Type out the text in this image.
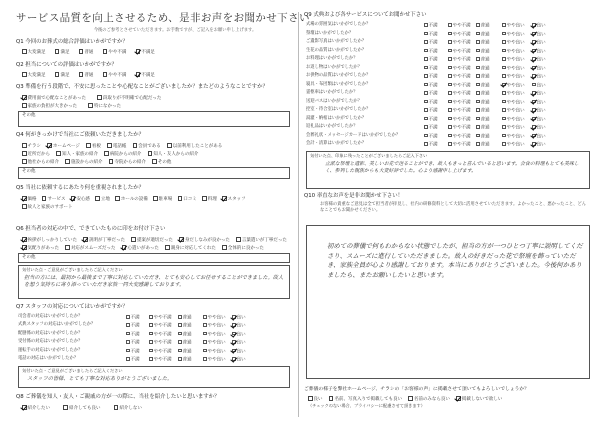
サービス品質を向上させるため、是非お声をお聞かせ下さい
今後のご参考とさせていただきます。お手数ですが、ご記入をお願い申し上げます。
Q1 今回のお葬式の総合評価はいかがですか？
大変満足	満足	普通	やや不満	不満足
Q2 担当についての評価はいかがですか？
大変満足	満足	普通	やや不満	不満足
Q3 準備を行う段階で、不安に思ったことや心配なことがございましたか？またどのようなことですか？
費用面で心配なことがあった	段取りが不明確で心配だった
家族の負担が大きかった	特になかった
その他
Q4 何がきっかけで当社にご依頼いただきましたか？
チラシ	ホームページ	看板	電話帳	会員である	以前利用したことがある
近所だから	知人・家族の紹介	病院からの紹介	知人・友人からの紹介
他社からの紹介	施設からの紹介	寺院からの紹介	その他
その他
Q5 当社に依頼するにあたり何を重視されましたか？
価格 サービス 安心感 立地 ホールの設備 駐車場 口コミ 料理 スタッフ
故人と家族のサポート
Q6 担当者の対応の中で、できていたものに印をお付け下さい
挨拶がしっかりしていた	説明が丁寧だった	提案が適切だった	身だしなみが良かった	言葉遣いが丁寧だった
気配りがあった	対応がスムーズだった	心遣いがあった	親身に対応してくれた	全体的に良かった
その他
気付いた点・ご意見がございましたらご記入ください
担当の方には、最初から最後まで丁寧に対応していただき、とても安心してお任せすることができました。故人を想う気持ちに寄り添っていただき家族一同大変感謝しております。
Q7 スタッフの対応についてはいかがですか？
司会者の対応はいかがでしたか？	不満	やや不満	普通	やや良い	良い
式典スタッフの対応はいかがでしたか？	不満	やや不満	普通	やや良い	良い
配膳係の対応はいかがでしたか？	不満	やや不満	普通	やや良い	良い
受付係の対応はいかがでしたか？	不満	やや不満	普通	やや良い	良い
運転手の対応はいかがでしたか？	不満	やや不満	普通	やや良い	良い
電話の対応はいかがでしたか？	不満	やや不満	普通	やや良い	良い
気付いた点・ご意見がございましたらご記入ください
スタッフの皆様、とても丁寧な対応ありがとうございました。
Q8 ご葬儀を知人・友人・ご親戚の方が一の際に、当社を紹介したいと思いますか？
紹介したい	紹介しても良い	紹介しない
Q9 式典および各サービスについてお聞かせ下さい
式場の雰囲気はいかがでしたか？	不満	やや不満	普通	やや良い	良い
祭壇はいかがでしたか？	不満	やや不満	普通	やや良い	良い
ご遺影写真はいかがでしたか？	不満	やや不満	普通	やや良い	良い
生花の品質はいかがでしたか？	不満	やや不満	普通	やや良い	良い
お料理はいかがでしたか？	不満	やや不満	普通	やや良い	良い
お返し物はいかがでしたか？	不満	やや不満	普通	やや良い	良い
お供物の品質はいかがでしたか？	不満	やや不満	普通	やや良い	良い
寝具・布団類はいかがでしたか？	不満	やや不満	普通	やや良い	良い
霊柩車はいかがでしたか？	不満	やや不満	普通	やや良い	良い
送迎バスはいかがでしたか？	不満	やや不満	普通	やや良い	良い
控室・待合室はいかがでしたか？	不満	やや不満	普通	やや良い	良い
湯灌・納棺はいかがでしたか？	不満	やや不満	普通	やや良い	良い
返礼品はいかがでしたか？	不満	やや不満	普通	やや良い	良い
会葬礼状・メッセージカードはいかがでしたか？	不満	やや不満	普通	やや良い	良い
会計・清算はいかがでしたか？	不満	やや不満	普通	やや良い	良い
気付いた点、印象に残ったことがございましたらご記入下さい
立派な祭壇と遺影、美しいお花で送ることができ、故人もきっと喜んでいると思います。会食の料理もとても美味しく、参列した親族からも大変好評でした。心より感謝申し上げます。
Q10 率直なお声を是非お聞かせ下さい！
お客様の貴重なご意見は全て担当者が拝見し、社内の研修資料として大切に活用させていただきます。よかったこと、悪かったこと、どんなことでもお聞かせください。
初めての葬儀で何もわからない状態でしたが、担当の方が一つひとつ丁寧に説明してくださり、スムーズに進行していただきました。故人の好きだった花で祭壇を飾っていただき、家族全員が心より感謝しております。本当にありがとうございました。今後何かありましたら、またお願いしたいと思います。
ご葬儀の様子を弊社ホームページ、チラシの「お客様の声」に掲載させて頂いてもよろしいでしょうか？
良い	名前、写真入りで掲載しても良い	名前のみなら良い	掲載しないで欲しい
（チェックのない場合、プライバシーに配慮させて頂きます）
